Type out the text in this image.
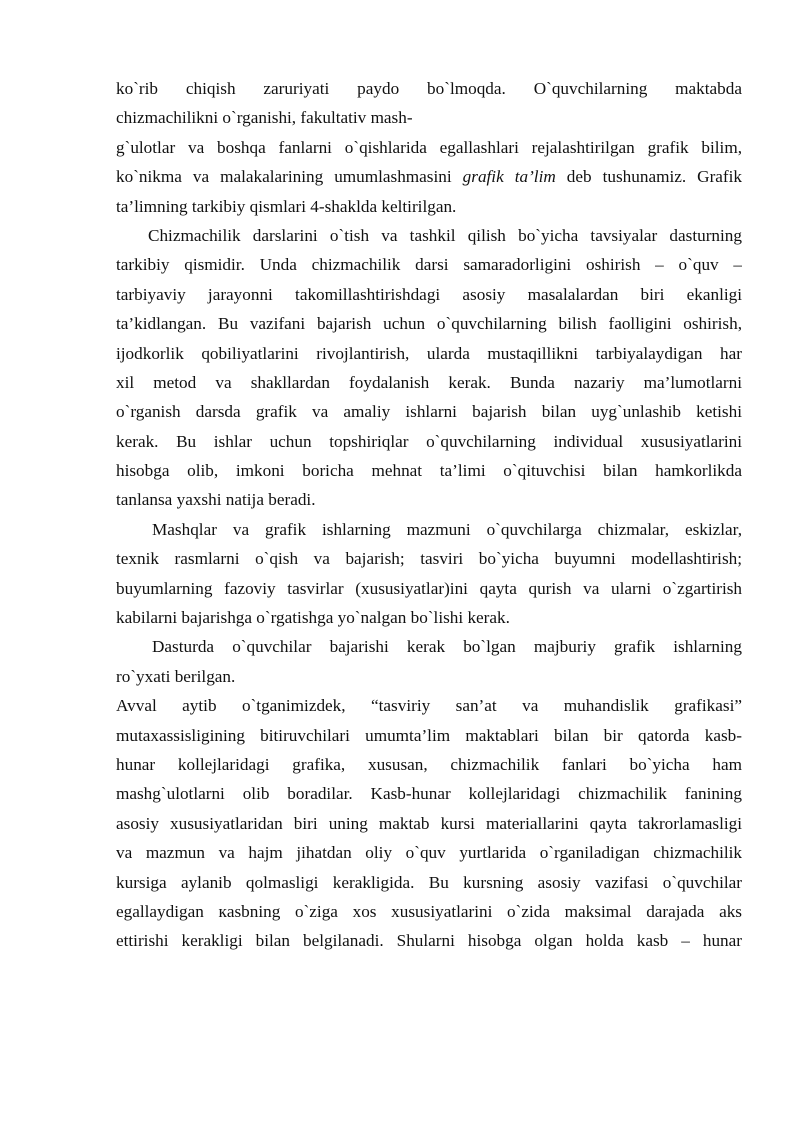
ko`rib chiqish zaruriyati paydo bo`lmoqda. O`quvchilarning maktabda
chizmachilikni o`rganishi, fakultativ mash-
g`ulotlar va boshqa fanlarni o`qishlarida egallashlari rejalashtirilgan grafik bilim,
ko`nikma va malakalarining umumlashmasini grafik ta’lim deb tushunamiz. Grafik
ta’limning tarkibiy qismlari 4-shaklda keltirilgan.
Chizmachilik darslarini o`tish va tashkil qilish bo`yicha tavsiyalar dasturning
tarkibiy qismidir. Unda chizmachilik darsi samaradorligini oshirish – o`quv –
tarbiyaviy jarayonni takomillashtirishdagi asosiy masalalardan biri ekanligi
ta’kidlangan. Bu vazifani bajarish uchun o`quvchilarning bilish faolligini oshirish,
ijodkorlik qobiliyatlarini rivojlantirish, ularda mustaqillikni tarbiyalaydigan har
xil metod va shakllardan foydalanish kerak. Bunda nazariy ma’lumotlarni
o`rganish darsda grafik va amaliy ishlarni bajarish bilan uyg`unlashib ketishi
kerak. Bu ishlar uchun topshiriqlar o`quvchilarning individual xususiyatlarini
hisobga olib, imkoni boricha mehnat ta’limi o`qituvchisi bilan hamkorlikda
tanlansa yaxshi natija beradi.
Mashqlar va grafik ishlarning mazmuni o`quvchilarga chizmalar, eskizlar,
texnik rasmlarni o`qish va bajarish; tasviri bo`yicha buyumni modellashtirish;
buyumlarning fazoviy tasvirlar (xususiyatlar)ini qayta qurish va ularni o`zgartirish
kabilarni bajarishga o`rgatishga yo`nalgan bo`lishi kerak.
Dasturda o`quvchilar bajarishi kerak bo`lgan majburiy grafik ishlarning
ro`yxati berilgan.
Avval aytib o`tganimizdek, “tasviriy san’at va muhandislik grafikasi”
mutaxassisligining bitiruvchilari umumta’lim maktablari bilan bir qatorda kasb-
hunar kollejlaridagi grafika, xususan, chizmachilik fanlari bo`yicha ham
mashg`ulotlarni olib boradilar. Kasb-hunar kollejlaridagi chizmachilik fanining
asosiy xususiyatlaridan biri uning maktab kursi materiallarini qayta takrorlamasligi
va mazmun va hajm jihatdan oliy o`quv yurtlarida o`rganiladigan chizmachilik
kursiga aylanib qolmasligi kerakligida. Bu kursning asosiy vazifasi o`quvchilar
egallaydigan кasbning o`ziga xos xususiyatlarini o`zida maksimal darajada aks
ettirishi kerakligi bilan belgilanadi. Shularni hisobga olgan holda kasb – hunar
